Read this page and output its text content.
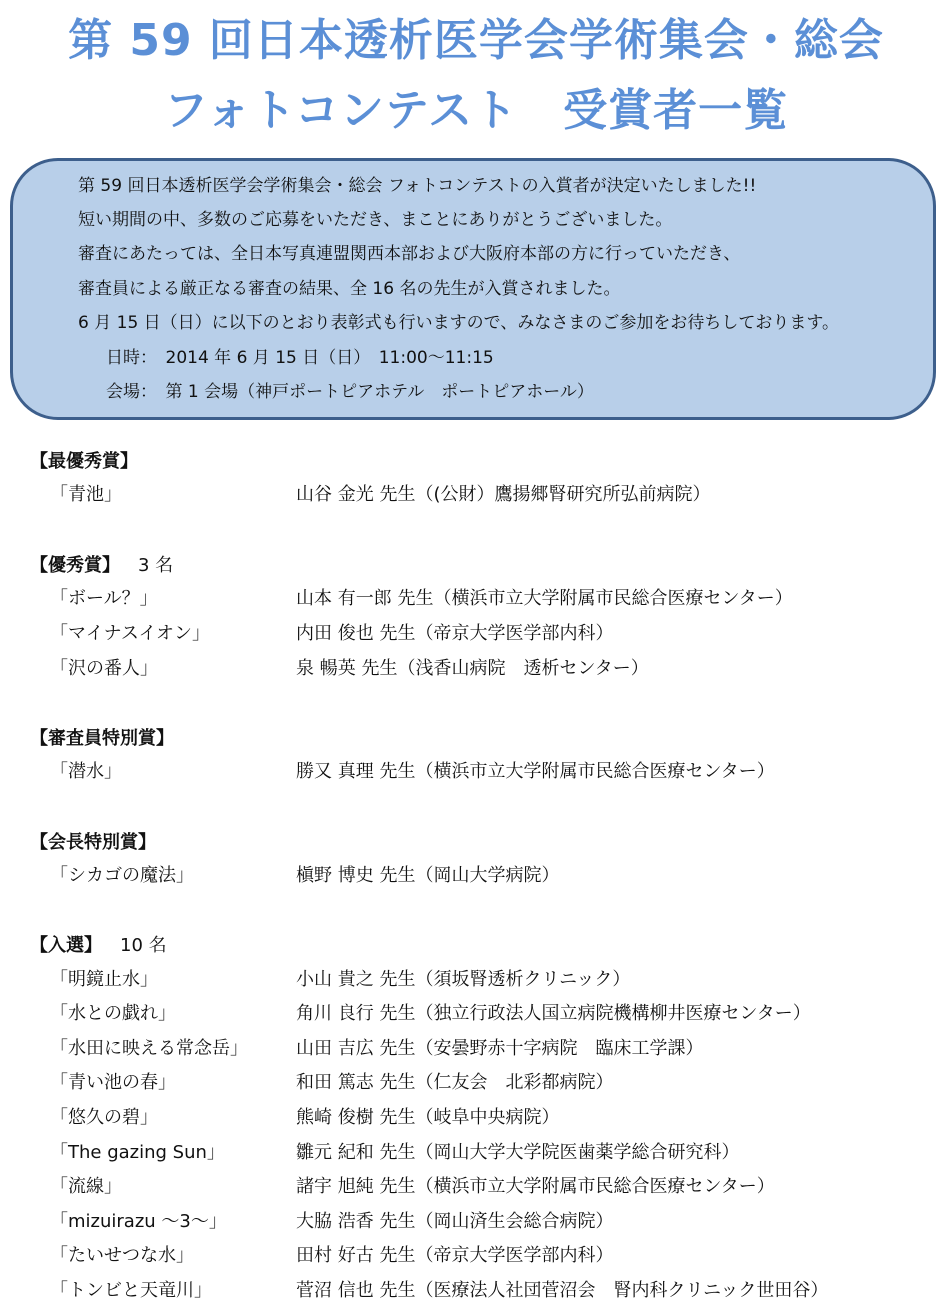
第 59 回日本透析医学会学術集会・総会
フォトコンテスト　受賞者一覧
第 59 回日本透析医学会学術集会・総会 フォトコンテストの入賞者が決定いたしました!!
短い期間の中、多数のご応募をいただき、まことにありがとうございました。
審査にあたっては、全日本写真連盟関西本部および大阪府本部の方に行っていただき、
審査員による厳正なる審査の結果、全 16 名の先生が入賞されました。
6 月 15 日（日）に以下のとおり表彰式も行いますので、みなさまのご参加をお待ちしております。
日時：　2014 年 6 月 15 日（日）　11:00～11:15
会場：　第 1 会場（神戸ポートピアホテル　ポートピアホール）
【最優秀賞】
「青池」	山谷 金光 先生（(公財）鷹揚郷腎研究所弘前病院）
【優秀賞】 3 名
「ボール？」	山本 有一郎 先生（横浜市立大学附属市民総合医療センター）
「マイナスイオン」	内田 俊也 先生（帝京大学医学部内科）
「沢の番人」	泉 暢英 先生（浅香山病院　透析センター）
【審査員特別賞】
「潜水」	勝又 真理 先生（横浜市立大学附属市民総合医療センター）
【会長特別賞】
「シカゴの魔法」	槇野 博史 先生（岡山大学病院）
【入選】 10 名
「明鏡止水」	小山 貴之 先生（須坂腎透析クリニック）
「水との戯れ」	角川 良行 先生（独立行政法人国立病院機構柳井医療センター）
「水田に映える常念岳」	山田 吉広 先生（安曇野赤十字病院　臨床工学課）
「青い池の春」	和田 篤志 先生（仁友会　北彩都病院）
「悠久の碧」	熊崎 俊樹 先生（岐阜中央病院）
「The gazing Sun」	雛元 紀和 先生（岡山大学大学院医歯薬学総合研究科）
「流線」	諸宇 旭純 先生（横浜市立大学附属市民総合医療センター）
「mizuirazu ～3～」	大脇 浩香 先生（岡山済生会総合病院）
「たいせつな水」	田村 好古 先生（帝京大学医学部内科）
「トンビと天竜川」	菅沼 信也 先生（医療法人社団菅沼会　腎内科クリニック世田谷）
